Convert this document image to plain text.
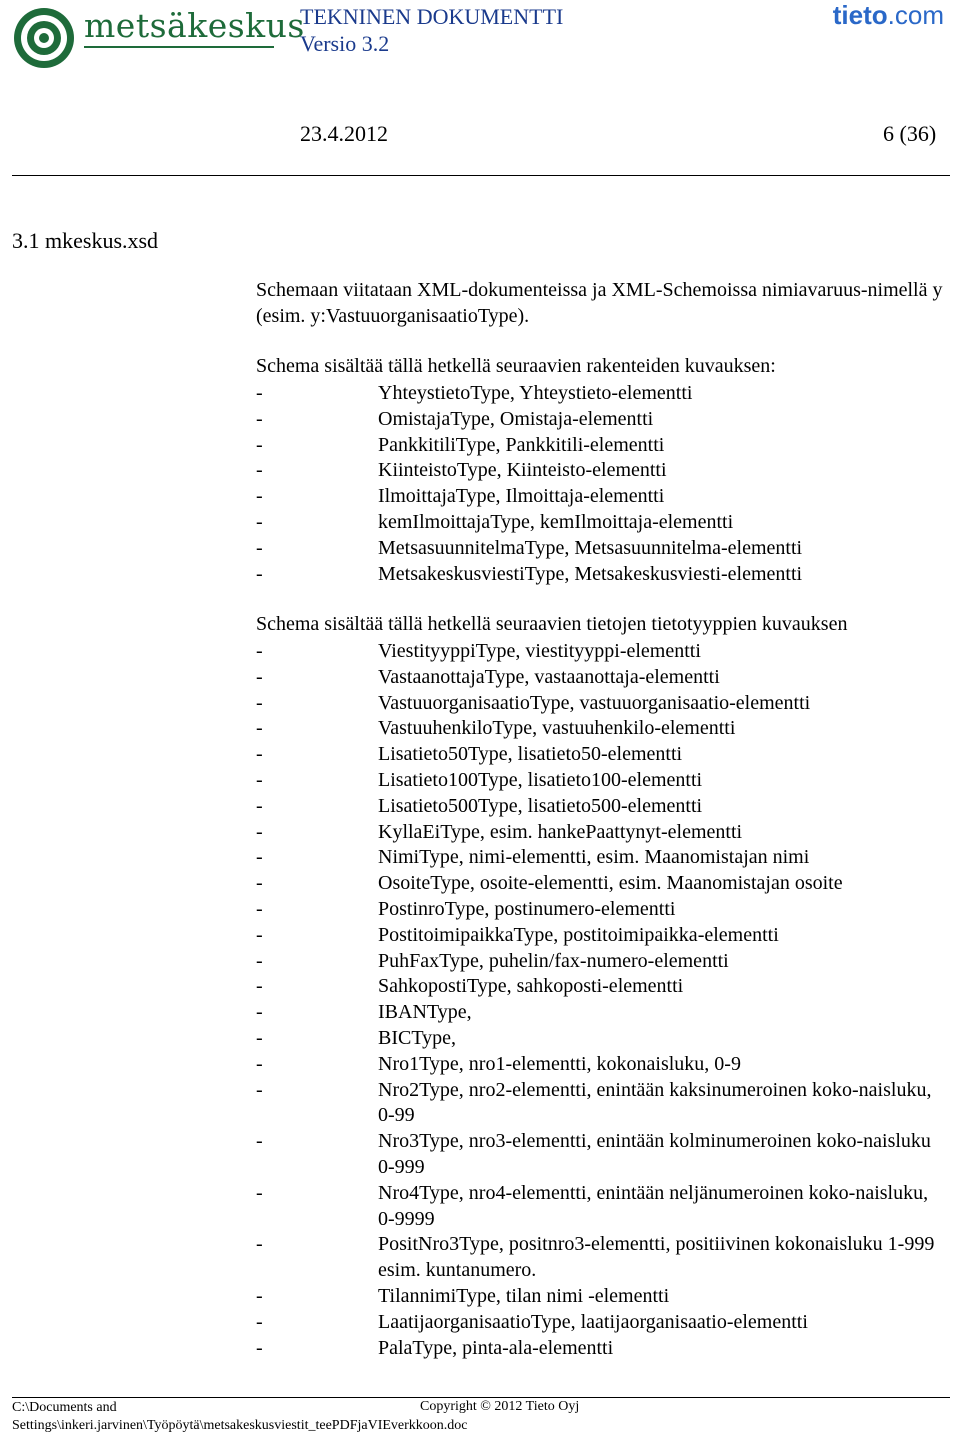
metsäkeskus
TEKNINEN DOKUMENTTI
Versio 3.2
tieto.com
23.4.2012	6 (36)
3.1 mkeskus.xsd
Schemaan viitataan XML-dokumenteissa ja XML-Schemoissa nimiavaruus-nimellä y (esim. y:VastuuorganisaatioType).
Schema sisältää tällä hetkellä seuraavien rakenteiden kuvauksen:
-	YhteystietoType, Yhteystieto-elementti
-	OmistajaType, Omistaja-elementti
-	PankkitiliType, Pankkitili-elementti
-	KiinteistoType, Kiinteisto-elementti
-	IlmoittajaType, Ilmoittaja-elementti
-	kemIlmoittajaType, kemIlmoittaja-elementti
-	MetsasuunnitelmaType, Metsasuunnitelma-elementti
-	MetsakeskusviestiType, Metsakeskusviesti-elementti
Schema sisältää tällä hetkellä seuraavien tietojen tietotyyppien kuvauksen
-	ViestityyppiType, viestityyppi-elementti
-	VastaanottajaType, vastaanottaja-elementti
-	VastuuorganisaatioType, vastuuorganisaatio-elementti
-	VastuuhenkiloType, vastuuhenkilo-elementti
-	Lisatieto50Type, lisatieto50-elementti
-	Lisatieto100Type, lisatieto100-elementti
-	Lisatieto500Type, lisatieto500-elementti
-	KyllaEiType, esim. hankePaattynyt-elementti
-	NimiType, nimi-elementti, esim. Maanomistajan nimi
-	OsoiteType, osoite-elementti, esim. Maanomistajan osoite
-	PostinroType, postinumero-elementti
-	PostitoimipaikkaType, postitoimipaikka-elementti
-	PuhFaxType, puhelin/fax-numero-elementti
-	SahkopostiType, sahkoposti-elementti
-	IBANType,
-	BICType,
-	Nro1Type, nro1-elementti, kokonaisluku, 0-9
-	Nro2Type, nro2-elementti, enintään kaksinumeroinen koko-naisluku, 0-99
-	Nro3Type, nro3-elementti, enintään kolminumeroinen koko-naisluku 0-999
-	Nro4Type, nro4-elementti, enintään neljänumeroinen koko-naisluku, 0-9999
-	PositNro3Type, positnro3-elementti, positiivinen kokonaisluku 1-999 esim. kuntanumero.
-	TilannimiType, tilan nimi -elementti
-	LaatijaorganisaatioType, laatijaorganisaatio-elementti
-	PalaType, pinta-ala-elementti
C:\Documents and Settings\inkeri.jarvinen\Työpöytä\metsakeskusviestit_teePDFjaVIEverkkoon.doc
Copyright © 2012 Tieto Oyj
